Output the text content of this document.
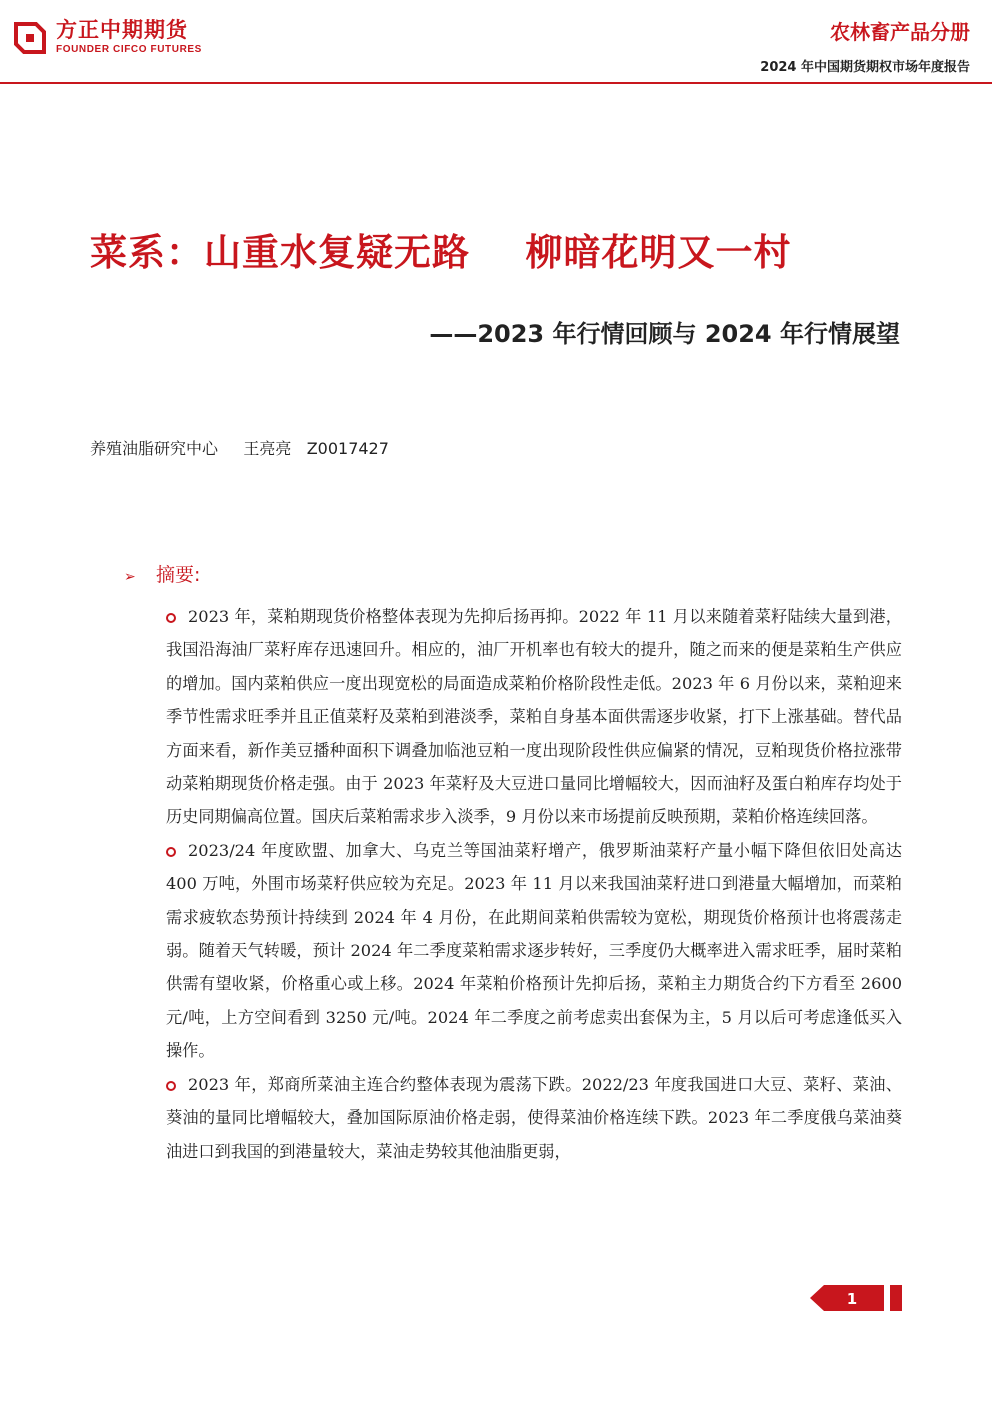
方正中期期货
FOUNDER CIFCO FUTURES
农林畜产品分册
2024 年中国期货期权市场年度报告
菜系：山重水复疑无路    柳暗花明又一村
——2023 年行情回顾与 2024 年行情展望
养殖油脂研究中心     王亮亮   Z0017427
➢ 摘要:

2023 年，菜粕期现货价格整体表现为先抑后扬再抑。2022 年 11 月以来随着菜籽陆续大量到港，我国沿海油厂菜籽库存迅速回升。相应的，油厂开机率也有较大的提升，随之而来的便是菜粕生产供应的增加。国内菜粕供应一度出现宽松的局面造成菜粕价格阶段性走低。2023 年 6 月份以来，菜粕迎来季节性需求旺季并且正值菜籽及菜粕到港淡季，菜粕自身基本面供需逐步收紧，打下上涨基础。替代品方面来看，新作美豆播种面积下调叠加临池豆粕一度出现阶段性供应偏紧的情况，豆粕现货价格拉涨带动菜粕期现货价格走强。由于 2023 年菜籽及大豆进口量同比增幅较大，因而油籽及蛋白粕库存均处于历史同期偏高位置。国庆后菜粕需求步入淡季，9 月份以来市场提前反映预期，菜粕价格连续回落。

2023/24 年度欧盟、加拿大、乌克兰等国油菜籽增产，俄罗斯油菜籽产量小幅下降但依旧处高达 400 万吨，外围市场菜籽供应较为充足。2023 年 11 月以来我国油菜籽进口到港量大幅增加，而菜粕需求疲软态势预计持续到 2024 年 4 月份，在此期间菜粕供需较为宽松，期现货价格预计也将震荡走弱。随着天气转暖，预计 2024 年二季度菜粕需求逐步转好，三季度仍大概率进入需求旺季，届时菜粕供需有望收紧，价格重心或上移。2024 年菜粕价格预计先抑后扬，菜粕主力期货合约下方看至 2600 元/吨，上方空间看到 3250 元/吨。2024 年二季度之前考虑卖出套保为主，5 月以后可考虑逢低买入操作。

2023 年，郑商所菜油主连合约整体表现为震荡下跌。2022/23 年度我国进口大豆、菜籽、菜油、葵油的量同比增幅较大，叠加国际原油价格走弱，使得菜油价格连续下跌。2023 年二季度俄乌菜油葵油进口到我国的到港量较大，菜油走势较其他油脂更弱，

1
